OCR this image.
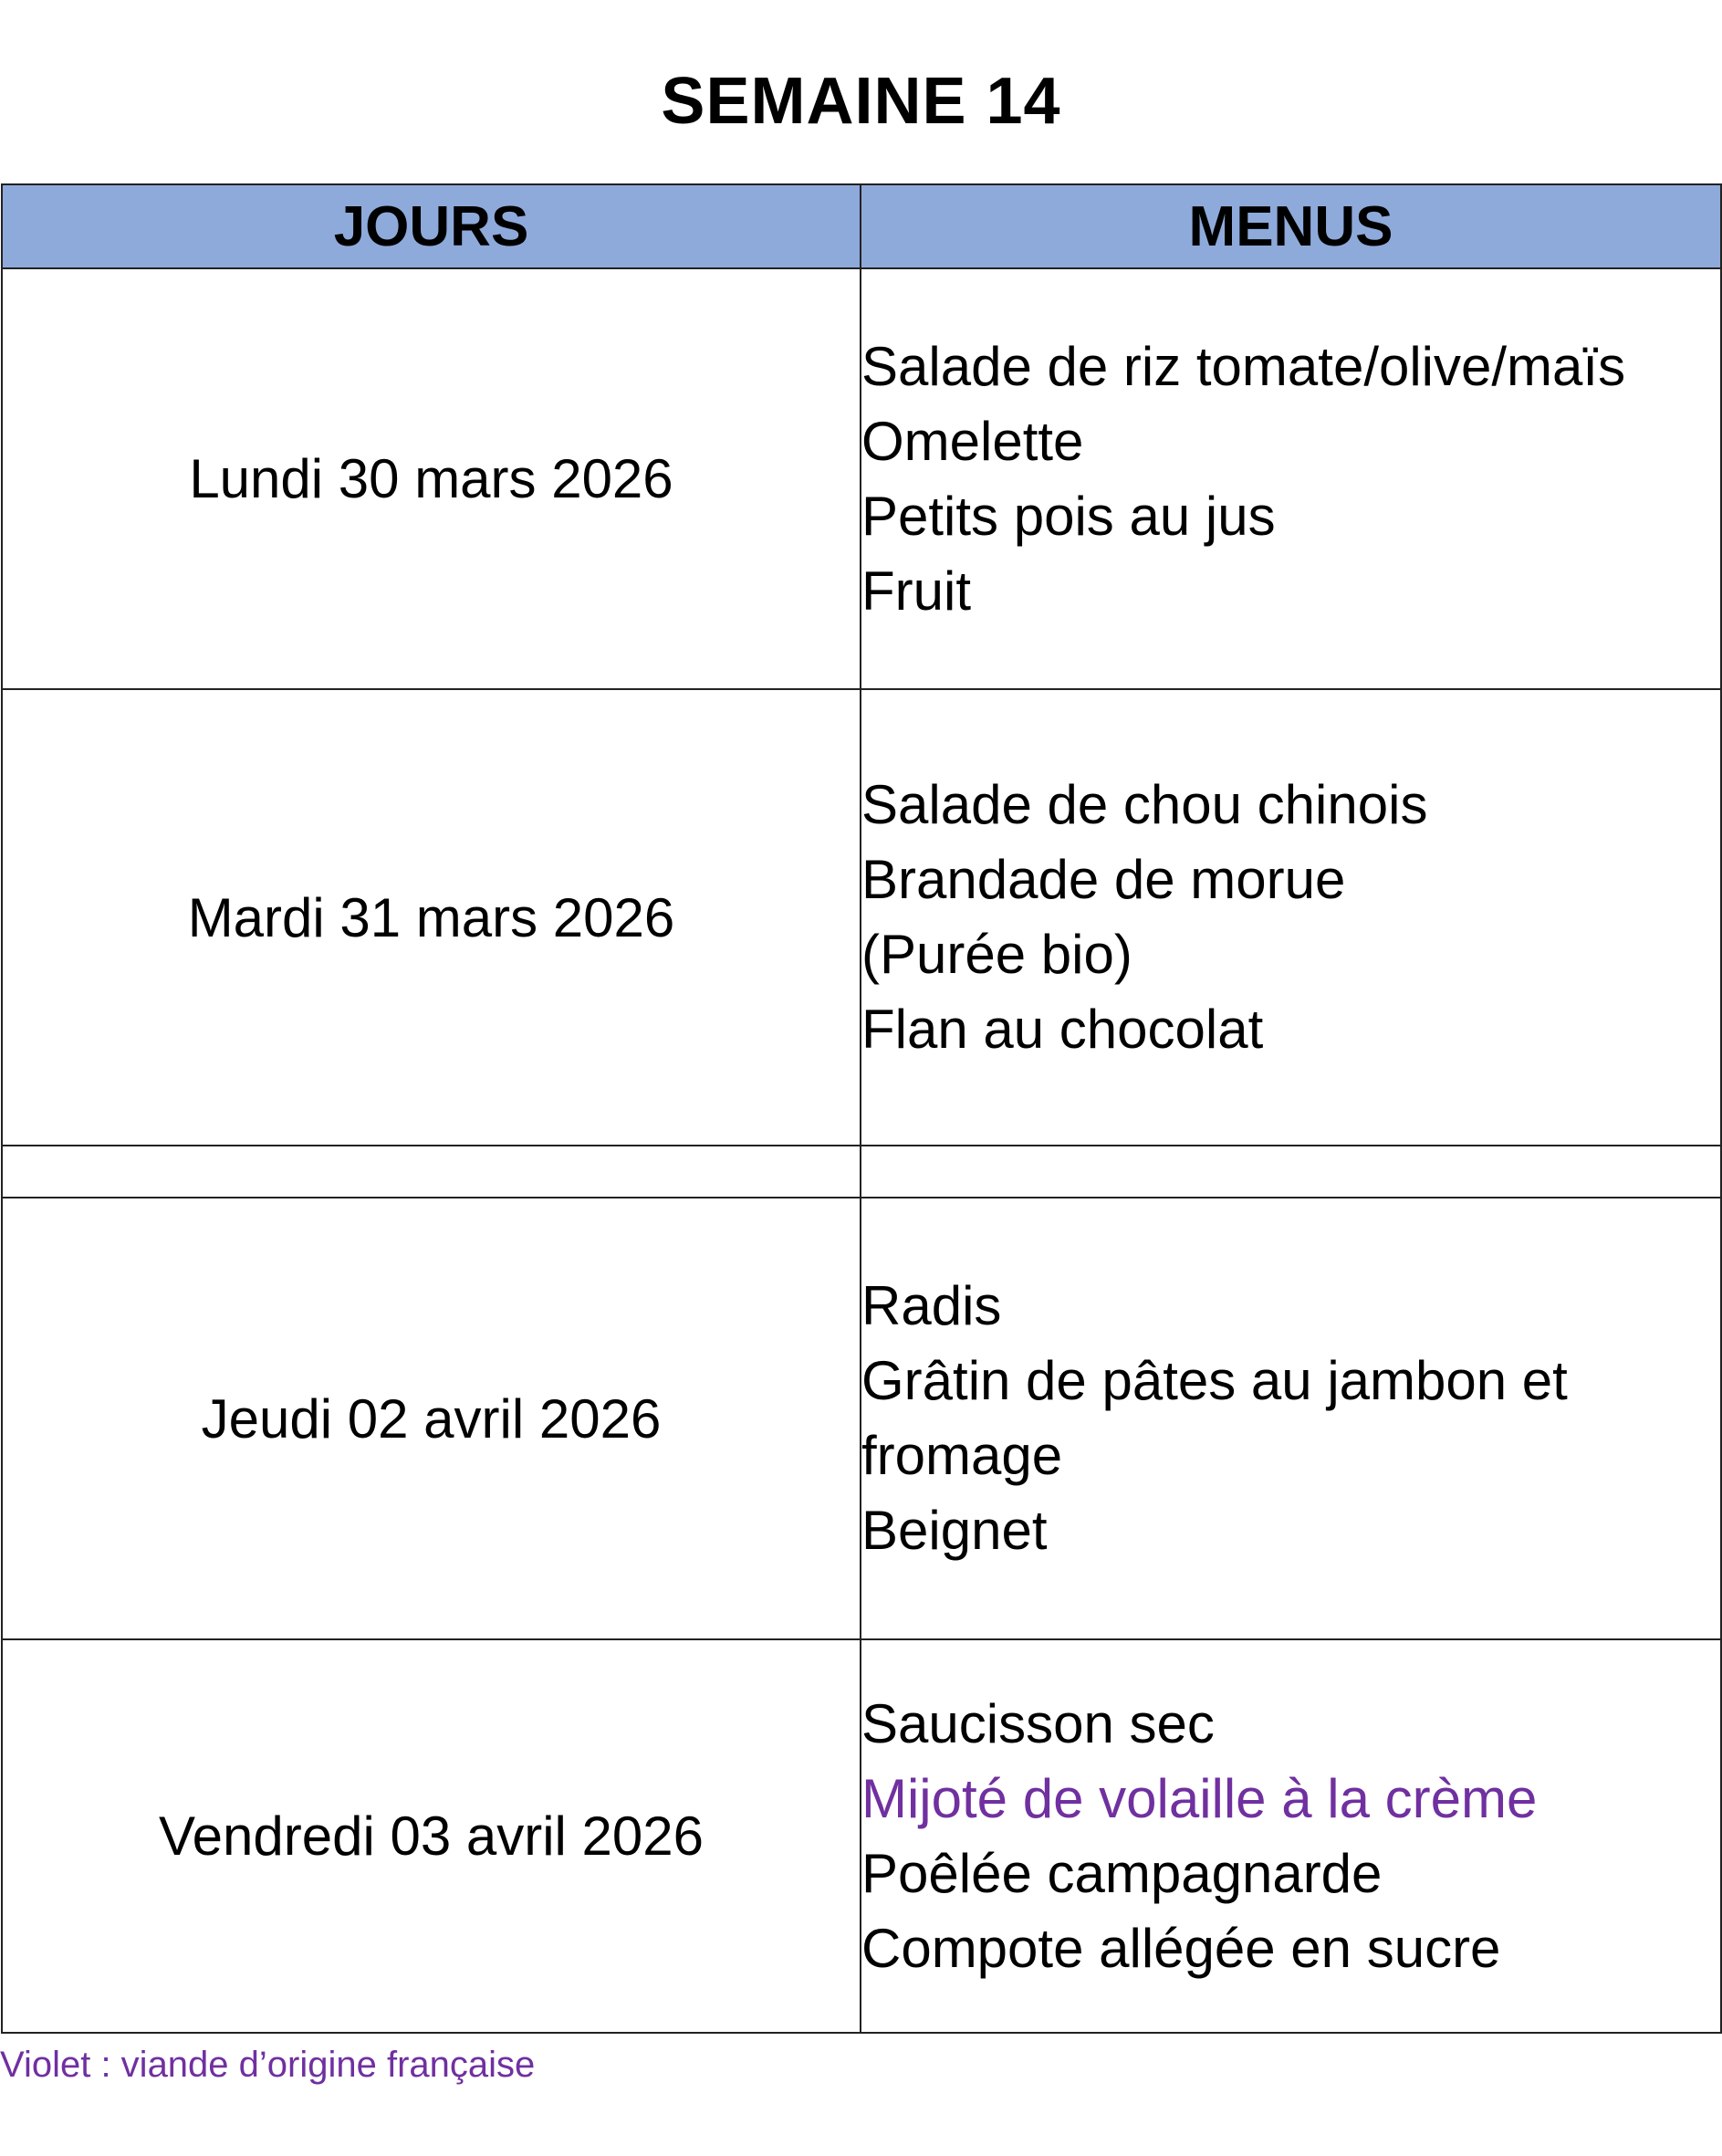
SEMAINE 14
JOURS	MENUS
Lundi 30 mars 2026	Salade de riz tomate/olive/maïs
Omelette
Petits pois au jus
Fruit

Mardi 31 mars 2026	Salade de chou chinois
Brandade de morue
(Purée bio)
Flan au chocolat

Jeudi 02 avril 2026	Radis
Grâtin de pâtes au jambon et fromage
Beignet

Vendredi 03 avril 2026	Saucisson sec
Mijoté de volaille à la crème
Poêlée campagnarde
Compote allégée en sucre
Violet : viande d’origine française
